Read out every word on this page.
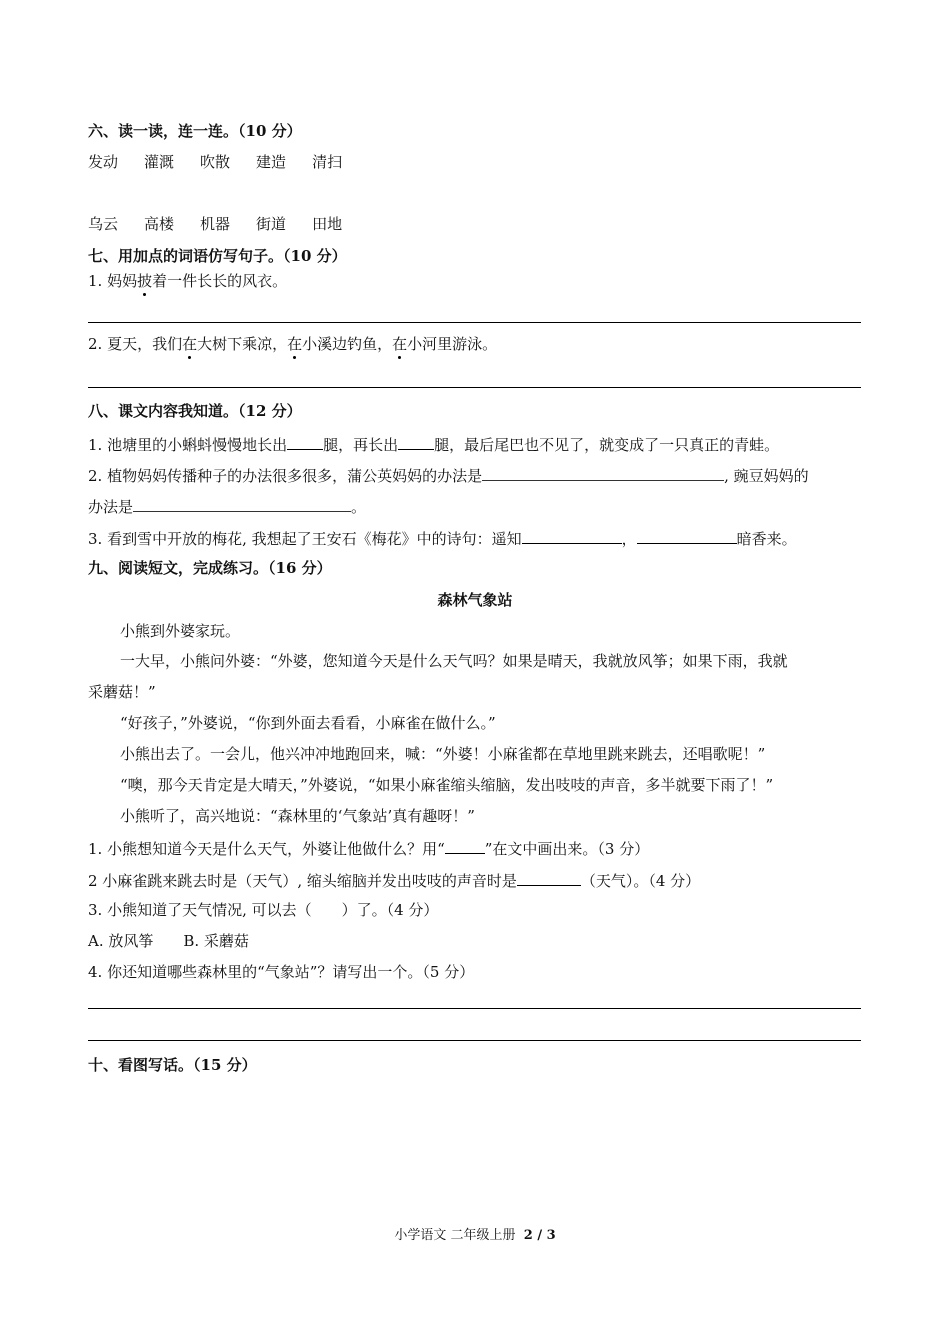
六、读一读，连一连。（10 分）
发动 灌溉 吹散 建造 清扫
乌云 高楼 机器 街道 田地
七、用加点的词语仿写句子。（10 分）
1. 妈妈披着一件长长的风衣。
2. 夏天，我们在大树下乘凉，在小溪边钓鱼，在小河里游泳。
八、课文内容我知道。（12 分）
1. 池塘里的小蝌蚪慢慢地长出 腿，再长出 腿，最后尾巴也不见了，就变成了一只真正的青蛙。
2. 植物妈妈传播种子的办法很多很多，蒲公英妈妈的办法是	, 豌豆妈妈的
办法是	。
3. 看到雪中开放的梅花, 我想起了王安石《梅花》中的诗句：遥知	，	暗香来。
九、阅读短文，完成练习。（16 分）
森林气象站
小熊到外婆家玩。
一大早，小熊问外婆：“外婆，您知道今天是什么天气吗？如果是晴天，我就放风筝；如果下雨，我就
采蘑菇！”
“好孩子，”外婆说，“你到外面去看看，小麻雀在做什么。”
小熊出去了。一会儿，他兴冲冲地跑回来，喊：“外婆！小麻雀都在草地里跳来跳去，还唱歌呢！”
“噢，那今天肯定是大晴天，”外婆说，“如果小麻雀缩头缩脑，发出吱吱的声音，多半就要下雨了！”
小熊听了，高兴地说：“森林里的‘气象站’真有趣呀！”
1. 小熊想知道今天是什么天气，外婆让他做什么？用“	”在文中画出来。（3 分）
2 小麻雀跳来跳去时是（天气）, 缩头缩脑并发出吱吱的声音时是	（天气）。（4 分）
3. 小熊知道了天气情况, 可以去（　　）了。（4 分）
A. 放风筝　　B. 采蘑菇
4. 你还知道哪些森林里的“气象站”？请写出一个。（5 分）
十、看图写话。（15 分）
小学语文 二年级上册 2 / 3
